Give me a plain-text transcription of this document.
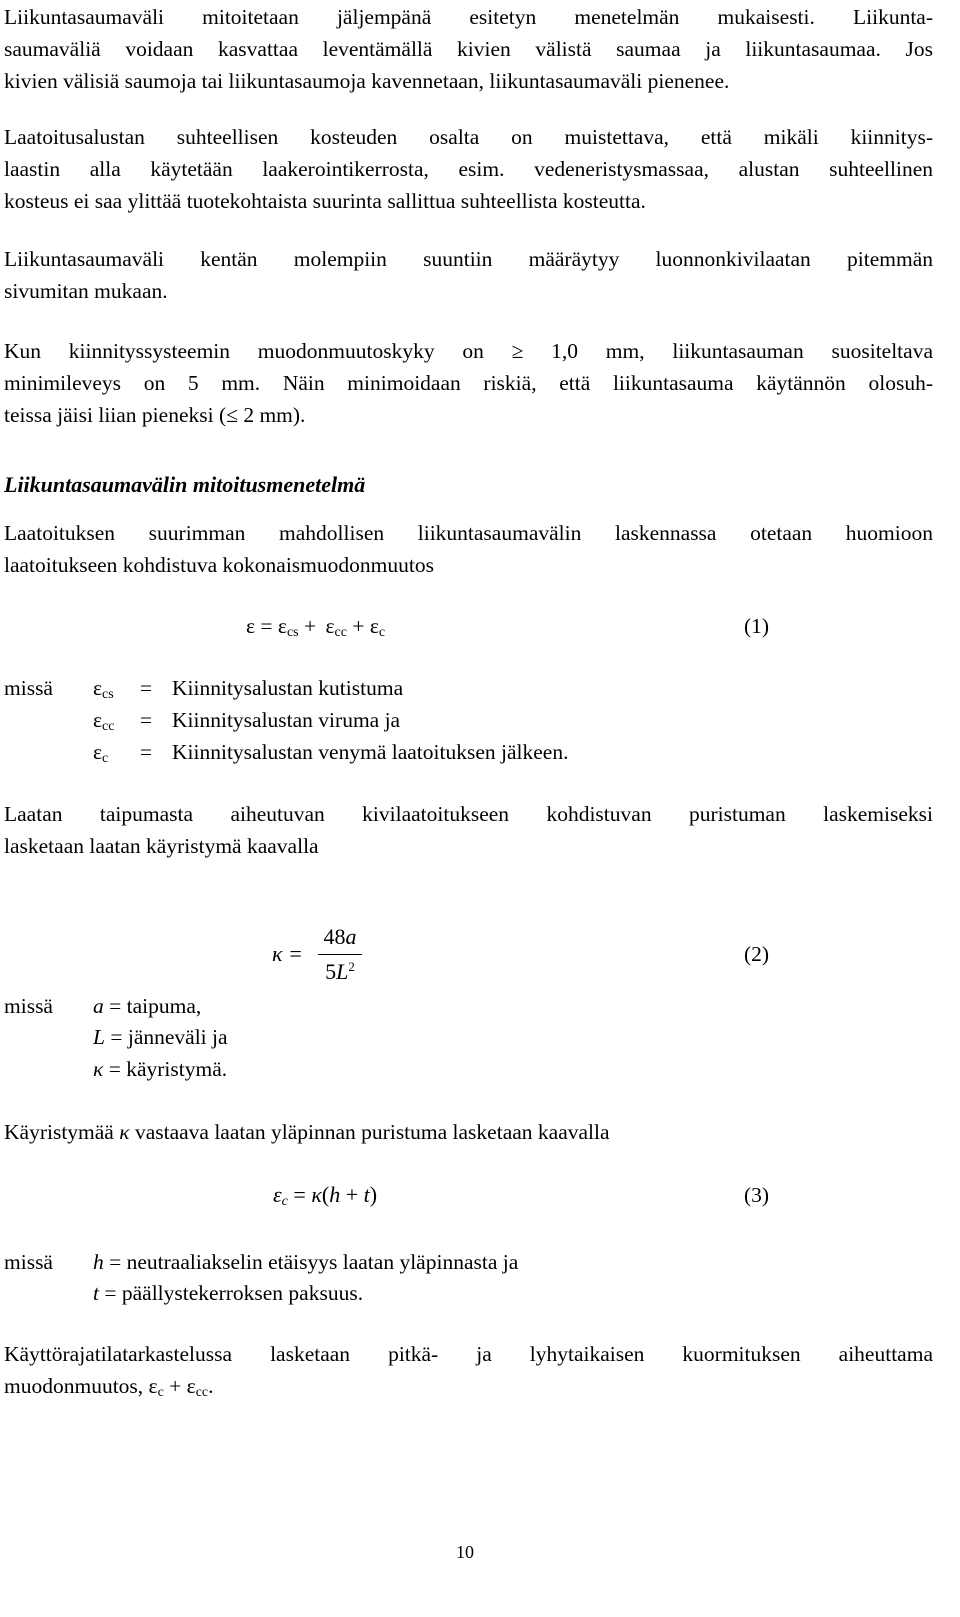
Liikuntasaumaväli mitoitetaan jäljempänä esitetyn menetelmän mukaisesti. Liikunta-
saumaväliä voidaan kasvattaa leventämällä kivien välistä saumaa ja liikuntasaumaa. Jos
kivien välisiä saumoja tai liikuntasaumoja kavennetaan, liikuntasaumaväli pienenee.
Laatoitusalustan suhteellisen kosteuden osalta on muistettava, että mikäli kiinnitys-
laastin alla käytetään laakerointikerrosta, esim. vedeneristysmassaa, alustan suhteellinen
kosteus ei saa ylittää tuotekohtaista suurinta sallittua suhteellista kosteutta.
Liikuntasaumaväli kentän molempiin suuntiin määräytyy luonnonkivilaatan pitemmän
sivumitan mukaan.
Kun kiinnityssysteemin muodonmuutoskyky on ≥ 1,0 mm, liikuntasauman suositeltava
minimileveys on 5 mm. Näin minimoidaan riskiä, että liikuntasauma käytännön olosuh-
teissa jäisi liian pieneksi (≤ 2 mm).
Liikuntasaumavälin mitoitusmenetelmä
Laatoituksen suurimman mahdollisen liikuntasaumavälin laskennassa otetaan huomioon
laatoitukseen kohdistuva kokonaismuodonmuutos
$\varepsilon = \varepsilon_{cs} + \varepsilon_{cc} + \varepsilon_c$	(1)
missä $\varepsilon_{cs}$ = Kiinnitysalustan kutistuma
$\varepsilon_{cc}$ = Kiinnitysalustan viruma ja
$\varepsilon_c$ = Kiinnitysalustan venymä laatoituksen jälkeen.
Laatan taipumasta aiheutuvan kivilaatoitukseen kohdistuvan puristuman laskemiseksi
lasketaan laatan käyristymä kaavalla
κ =
48a
$5L^2$
(2)
missä a = taipuma,
L = jänneväli ja
κ = käyristymä.
Käyristymää κ vastaava laatan yläpinnan puristuma lasketaan kaavalla
$\varepsilon_c = \kappa(h + t)$	(3)
missä h = neutraaliakselin etäisyys laatan yläpinnasta ja
t = päällystekerroksen paksuus.
Käyttörajatilatarkastelussa lasketaan pitkä- ja lyhytaikaisen kuormituksen aiheuttama
muodonmuutos, $\varepsilon_c + \varepsilon_{cc}$.
10
